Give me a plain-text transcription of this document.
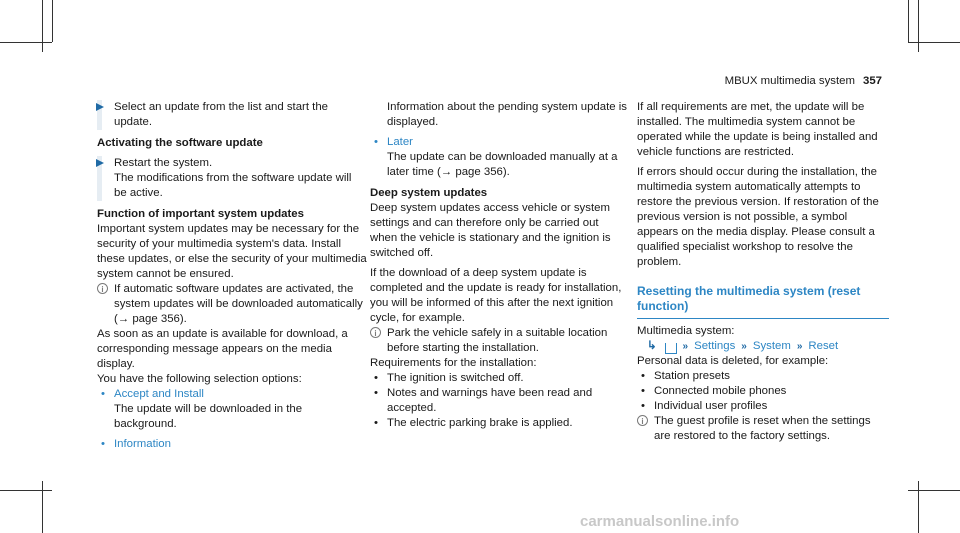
MBUX multimedia system 357

Select an update from the list and start the update.

Activating the software update

Restart the system.

The modifications from the software update will be active.

Function of important system updates

Important system updates may be necessary for the security of your multimedia system's data. Install these updates, or else the security of your multimedia system cannot be ensured.

i If automatic software updates are activated, the system updates will be downloaded automatically (→ page 356).

As soon as an update is available for download, a corresponding message appears on the media display.

You have the following selection options:

• Accept and Install

The update will be downloaded in the background.

• Information

Information about the pending system update is displayed.

• Later

The update can be downloaded manually at a later time (→ page 356).

Deep system updates

Deep system updates access vehicle or system settings and can therefore only be carried out when the vehicle is stationary and the ignition is switched off.

If the download of a deep system update is completed and the update is ready for installation, you will be informed of this after the next ignition cycle, for example.

i Park the vehicle safely in a suitable location before starting the installation.

Requirements for the installation:

• The ignition is switched off.
• Notes and warnings have been read and accepted.
• The electric parking brake is applied.

If all requirements are met, the update will be installed. The multimedia system cannot be operated while the update is being installed and vehicle functions are restricted.

If errors should occur during the installation, the multimedia system automatically attempts to restore the previous version. If restoration of the previous version is not possible, a symbol appears on the media display. Please consult a qualified specialist workshop to resolve the problem.

Resetting the multimedia system (reset function)

Multimedia system:

↳	» Settings » System » Reset

Personal data is deleted, for example:

• Station presets
• Connected mobile phones
• Individual user profiles
i The guest profile is reset when the settings are restored to the factory settings.

carmanualsonline.info
